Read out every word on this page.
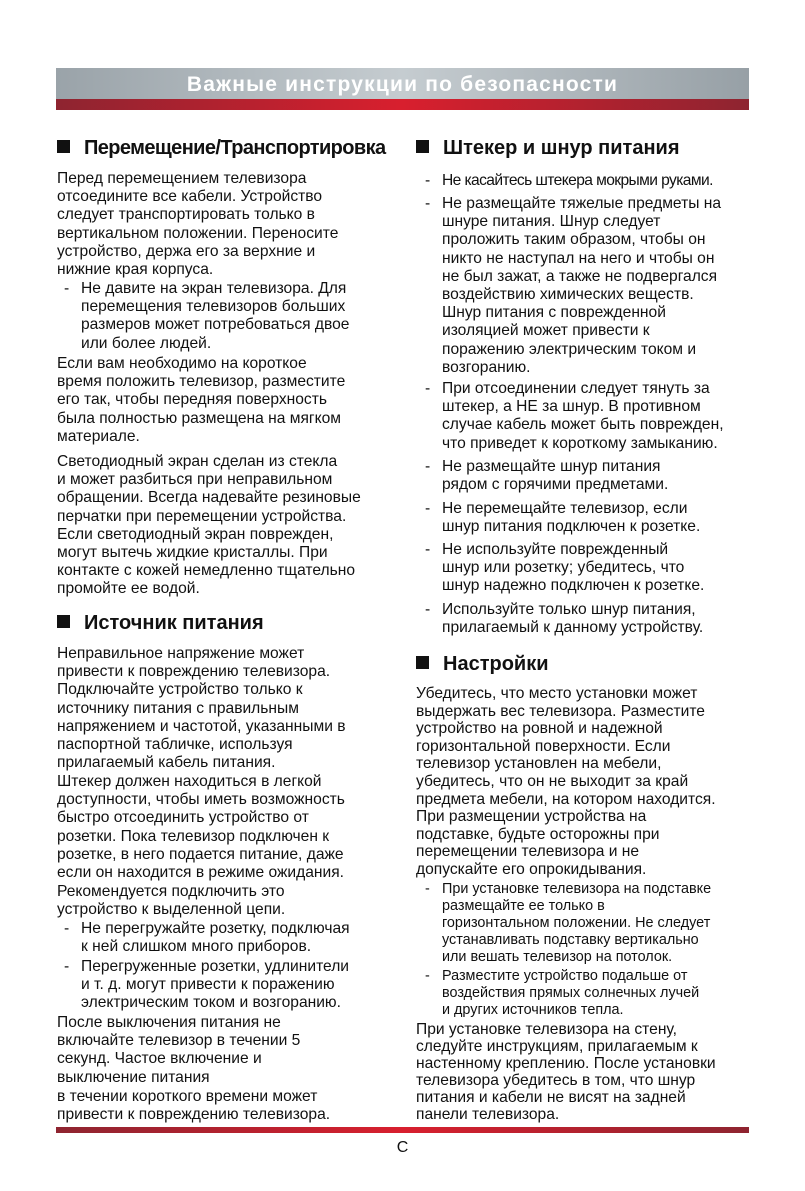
Важные инструкции по безопасности
Перемещение/Транспортировка
Перед перемещением телевизора
отсоедините все кабели. Устройство
следует транспортировать только в
вертикальном положении. Переносите
устройство, держа его за верхние и
нижние края корпуса.
- Не давите на экран телевизора. Для
перемещения телевизоров больших
размеров может потребоваться двое
или более людей.
Если вам необходимо на короткое
время положить телевизор, разместите
его так, чтобы передняя поверхность
была полностью размещена на мягком
материале.
Светодиодный экран сделан из стекла
и может разбиться при неправильном
обращении. Всегда надевайте резиновые
перчатки при перемещении устройства.
Если светодиодный экран поврежден,
могут вытечь жидкие кристаллы. При
контакте с кожей немедленно тщательно
промойте ее водой.
Источник питания
Неправильное напряжение может
привести к повреждению телевизора.
Подключайте устройство только к
источнику питания с правильным
напряжением и частотой, указанными в
паспортной табличке, используя
прилагаемый кабель питания.
Штекер должен находиться в легкой
доступности, чтобы иметь возможность
быстро отсоединить устройство от
розетки. Пока телевизор подключен к
розетке, в него подается питание, даже
если он находится в режиме ожидания.
Рекомендуется подключить это
устройство к выделенной цепи.
- Не перегружайте розетку, подключая
к ней слишком много приборов.
- Перегруженные розетки, удлинители
и т. д. могут привести к поражению
электрическим током и возгоранию.
После выключения питания не
включайте телевизор в течении 5
секунд. Частое включение и
выключение питания
в течении короткого времени может
привести к повреждению телевизора.
Штекер и шнур питания
- Не касайтесь штекера мокрыми руками.
- Не размещайте тяжелые предметы на
шнуре питания. Шнур следует
проложить таким образом, чтобы он
никто не наступал на него и чтобы он
не был зажат, а также не подвергался
воздействию химических веществ.
Шнур питания с поврежденной
изоляцией может привести к
поражению электрическим током и
возгоранию.
- При отсоединении следует тянуть за
штекер, а НЕ за шнур. В противном
случае кабель может быть поврежден,
что приведет к короткому замыканию.
- Не размещайте шнур питания
рядом с горячими предметами.
- Не перемещайте телевизор, если
шнур питания подключен к розетке.
- Не используйте поврежденный
шнур или розетку; убедитесь, что
шнур надежно подключен к розетке.
- Используйте только шнур питания,
прилагаемый к данному устройству.
Настройки
Убедитесь, что место установки может
выдержать вес телевизора. Разместите
устройство на ровной и надежной
горизонтальной поверхности. Если
телевизор установлен на мебели,
убедитесь, что он не выходит за край
предмета мебели, на котором находится.
При размещении устройства на
подставке, будьте осторожны при
перемещении телевизора и не
допускайте его опрокидывания.
- При установке телевизора на подставке
размещайте ее только в
горизонтальном положении. Не следует
устанавливать подставку вертикально
или вешать телевизор на потолок.
- Разместите устройство подальше от
воздействия прямых солнечных лучей
и других источников тепла.
При установке телевизора на стену,
следуйте инструкциям, прилагаемым к
настенному креплению. После установки
телевизора убедитесь в том, что шнур
питания и кабели не висят на задней
панели телевизора.
C
